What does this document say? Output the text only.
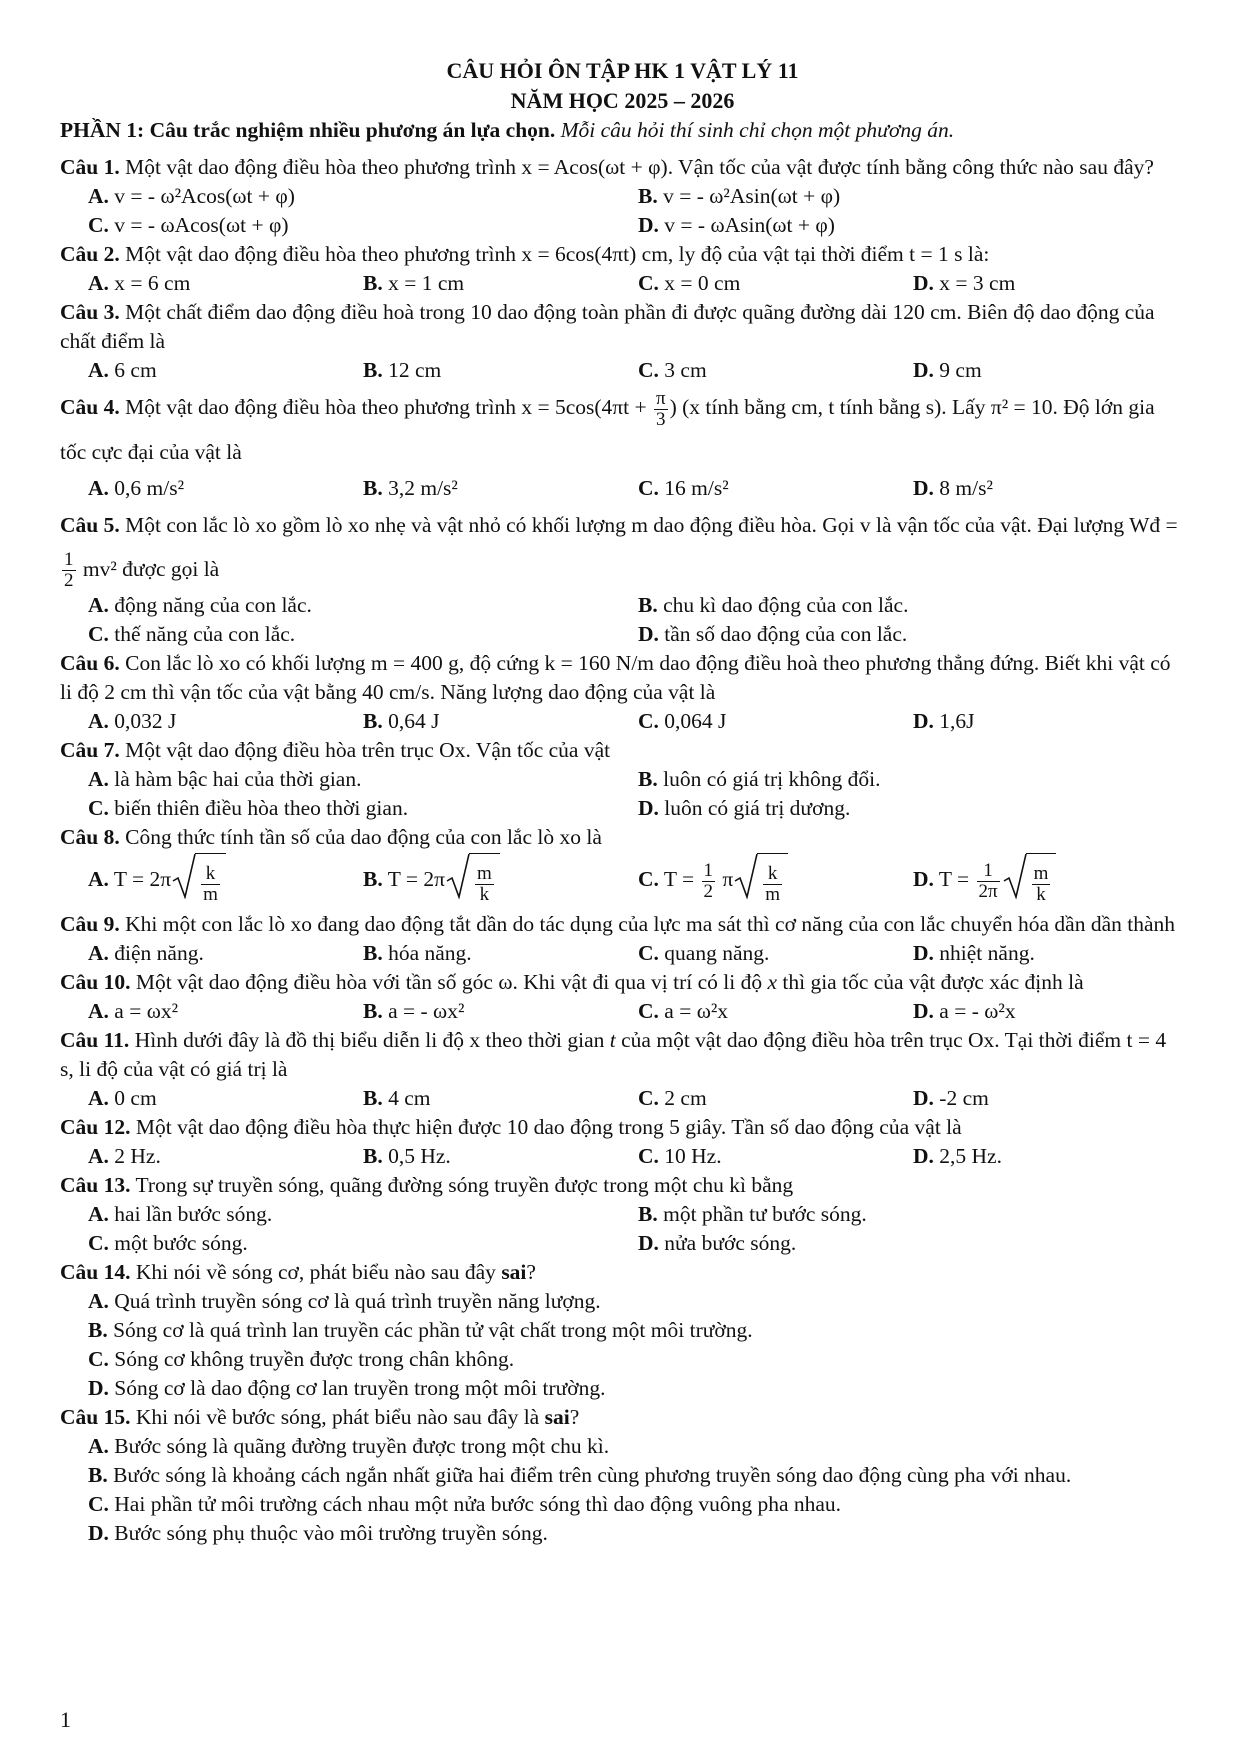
CÂU HỎI ÔN TẬP HK 1 VẬT LÝ 11
NĂM HỌC 2025 – 2026
PHẦN 1: Câu trắc nghiệm nhiều phương án lựa chọn. Mỗi câu hỏi thí sinh chỉ chọn một phương án.
Câu 1. Một vật dao động điều hòa theo phương trình x = Acos(ωt + φ). Vận tốc của vật được tính bằng công thức nào sau đây?
A. v = - ω²Acos(ωt + φ)	B. v = - ω²Asin(ωt + φ)
C. v = - ωAcos(ωt + φ)	D. v = - ωAsin(ωt + φ)
Câu 2. Một vật dao động điều hòa theo phương trình x = 6cos(4πt) cm, ly độ của vật tại thời điểm t = 1 s là:
A. x = 6 cm	B. x = 1 cm	C. x = 0 cm	D. x = 3 cm
Câu 3. Một chất điểm dao động điều hoà trong 10 dao động toàn phần đi được quãng đường dài 120 cm. Biên độ dao động của chất điểm là
A. 6 cm	B. 12 cm	C. 3 cm	D. 9 cm
Câu 4. Một vật dao động điều hòa theo phương trình $x = 5\cos(4\pi t + \frac{\pi}{3}$ ) (x tính bằng cm, t tính bằng s). Lấy π² = 10. Độ lớn gia tốc cực đại của vật là
A. 0,6 m/s²	B. 3,2 m/s²	C. 16 m/s²	D. 8 m/s²
Câu 5. Một con lắc lò xo gồm lò xo nhẹ và vật nhỏ có khối lượng m dao động điều hòa. Gọi v là vận tốc của vật. Đại lượng Wđ =
$\frac{1}{2} mv^2$ được gọi là
A. động năng của con lắc.	B. chu kì dao động của con lắc.
C. thế năng của con lắc.	D. tần số dao động của con lắc.
Câu 6. Con lắc lò xo có khối lượng m = 400 g, độ cứng k = 160 N/m dao động điều hoà theo phương thẳng đứng. Biết khi vật có li độ 2 cm thì vận tốc của vật bằng 40 cm/s. Năng lượng dao động của vật là
A. 0,032 J	B. 0,64 J	C. 0,064 J	D. 1,6J
Câu 7. Một vật dao động điều hòa trên trục Ox. Vận tốc của vật
A. là hàm bậc hai của thời gian.	B. luôn có giá trị không đổi.
C. biến thiên điều hòa theo thời gian.	D. luôn có giá trị dương.
Câu 8. Công thức tính tần số của dao động của con lắc lò xo là
A. $T = 2\pi \frac{k}{m}$	B. $T = 2\pi \frac{m}{k}$	C. $T = \frac{1}{2}$ π $\frac{k}{m}$	D. $T = \frac{1}{2\pi} \frac{m}{k}$
Câu 9. Khi một con lắc lò xo đang dao động tắt dần do tác dụng của lực ma sát thì cơ năng của con lắc chuyển hóa dần dần thành
A. điện năng.	B. hóa năng.	C. quang năng.	D. nhiệt năng.
Câu 10. Một vật dao động điều hòa với tần số góc ω. Khi vật đi qua vị trí có li độ x thì gia tốc của vật được xác định là
A. a = ωx²	B. a = - ωx²	C. a = ω²x	D. a = - ω²x
Câu 11. Hình dưới đây là đồ thị biểu diễn li độ x theo thời gian t của một vật dao động điều hòa trên trục Ox. Tại thời điểm t = 4 s, li độ của vật có giá trị là
A. 0 cm	B. 4 cm	C. 2 cm	D. -2 cm
Câu 12. Một vật dao động điều hòa thực hiện được 10 dao động trong 5 giây. Tần số dao động của vật là
A. 2 Hz.	B. 0,5 Hz.	C. 10 Hz.	D. 2,5 Hz.
Câu 13. Trong sự truyền sóng, quãng đường sóng truyền được trong một chu kì bằng
A. hai lần bước sóng.	B. một phần tư bước sóng.
C. một bước sóng.	D. nửa bước sóng.
Câu 14. Khi nói về sóng cơ, phát biểu nào sau đây sai?
A. Quá trình truyền sóng cơ là quá trình truyền năng lượng.
B. Sóng cơ là quá trình lan truyền các phần tử vật chất trong một môi trường.
C. Sóng cơ không truyền được trong chân không.
D. Sóng cơ là dao động cơ lan truyền trong một môi trường.
Câu 15. Khi nói về bước sóng, phát biểu nào sau đây là sai?
A. Bước sóng là quãng đường truyền được trong một chu kì.
B. Bước sóng là khoảng cách ngắn nhất giữa hai điểm trên cùng phương truyền sóng dao động cùng pha với nhau.
C. Hai phần tử môi trường cách nhau một nửa bước sóng thì dao động vuông pha nhau.
D. Bước sóng phụ thuộc vào môi trường truyền sóng.
1
